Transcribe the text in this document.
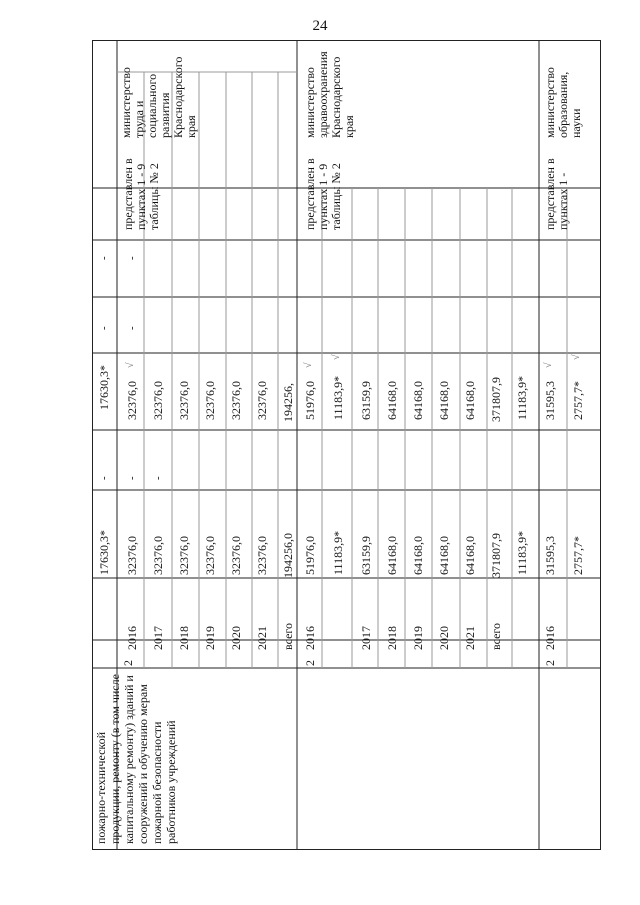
24
пожарно-технической продукции, ремонту (в том числе капитальному ремонту) зданий и сооружений и обучению мерам пожарной безопасности работников учреждений
2	2	2
17630,3*
17630,3*
-
-
-
2016
32376,0
-
32376,0
√
-
-
2017
32376,0
-
32376,0
2018
32376,0
32376,0
2019
32376,0
32376,0
2020
32376,0
32376,0
2021
32376,0
32376,0
всего
194256,0
194256,
представлен в пунктах 1 - 9 таблицы № 2
министерство труда и социального развития Краснодарского края
2016
51976,0
51976,0
√
11183,9*
11183,9*
√
2017
63159,9
63159,9
2018
64168,0
64168,0
2019
64168,0
64168,0
2020
64168,0
64168,0
2021
64168,0
64168,0
всего
371807,9
371807,9
11183,9*
11183,9*
представлен в пунктах 1 - 9 таблицы № 2
министерство здравоохранения Краснодарского края
2016
31595,3
31595,3
√
2757,7*
2757,7*
√
представлен в пунктах 1 -
министерство образования, науки
